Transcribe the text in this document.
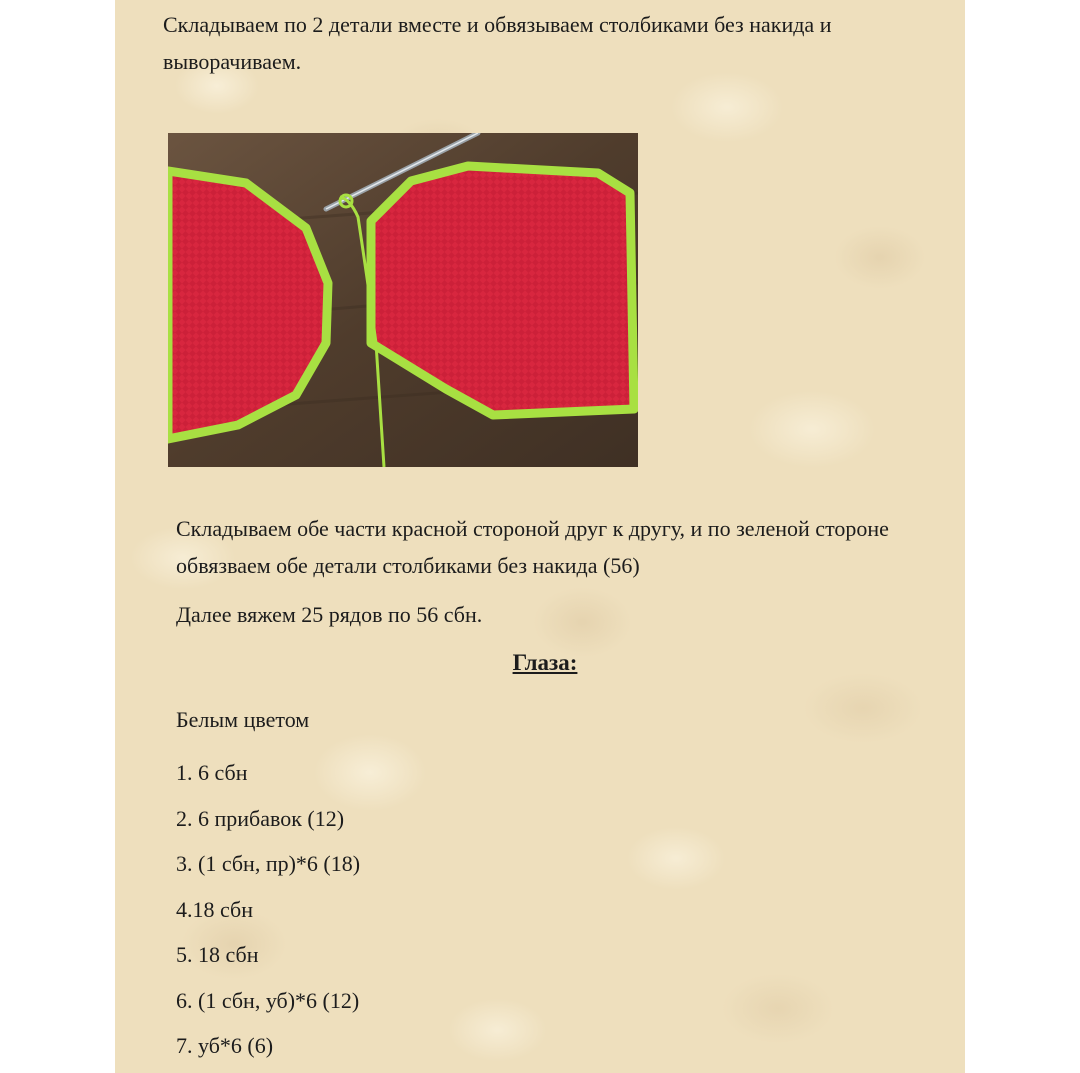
Складываем по 2 детали вместе и обвязываем столбиками без накида и выворачиваем.

Складываем обе части красной стороной друг к другу, и по зеленой стороне обвязваем обе детали столбиками без накида (56)

Далее вяжем 25 рядов по 56 сбн.

Глаза:

Белым цветом

1. 6 сбн
2. 6 прибавок (12)
3. (1 сбн, пр)*6 (18)
4.18 сбн
5. 18 сбн
6. (1 сбн, уб)*6 (12)
7. уб*6 (6)
